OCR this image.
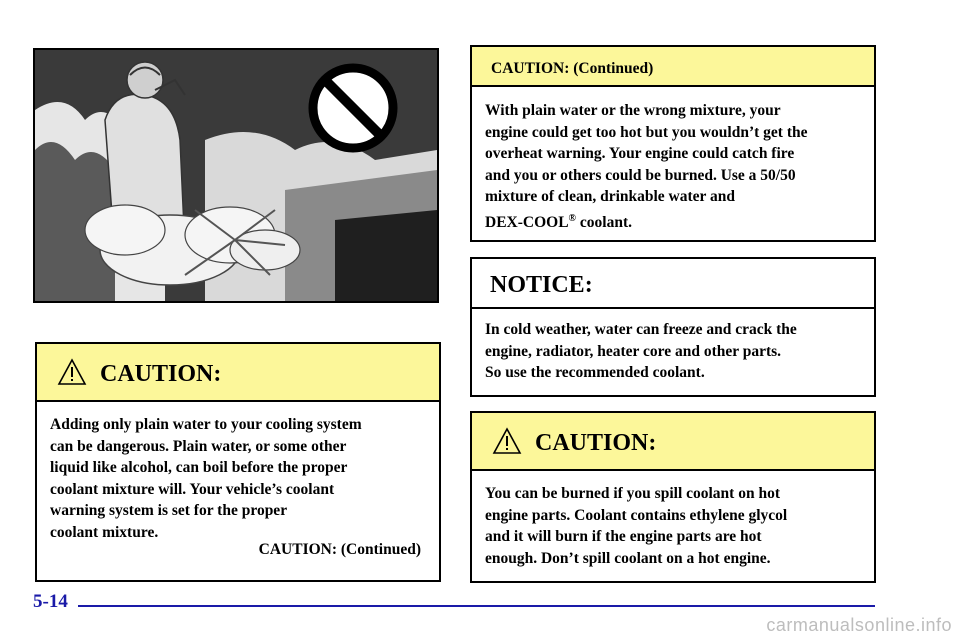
CAUTION:
Adding only plain water to your cooling system
can be dangerous. Plain water, or some other
liquid like alcohol, can boil before the proper
coolant mixture will. Your vehicle’s coolant
warning system is set for the proper
coolant mixture.
CAUTION: (Continued)
CAUTION: (Continued)
With plain water or the wrong mixture, your
engine could get too hot but you wouldn’t get the
overheat warning. Your engine could catch fire
and you or others could be burned. Use a 50/50
mixture of clean, drinkable water and
DEX-COOL® coolant.
NOTICE:
In cold weather, water can freeze and crack the
engine, radiator, heater core and other parts.
So use the recommended coolant.
CAUTION:
You can be burned if you spill coolant on hot
engine parts. Coolant contains ethylene glycol
and it will burn if the engine parts are hot
enough. Don’t spill coolant on a hot engine.
5-14
carmanualsonline.info
